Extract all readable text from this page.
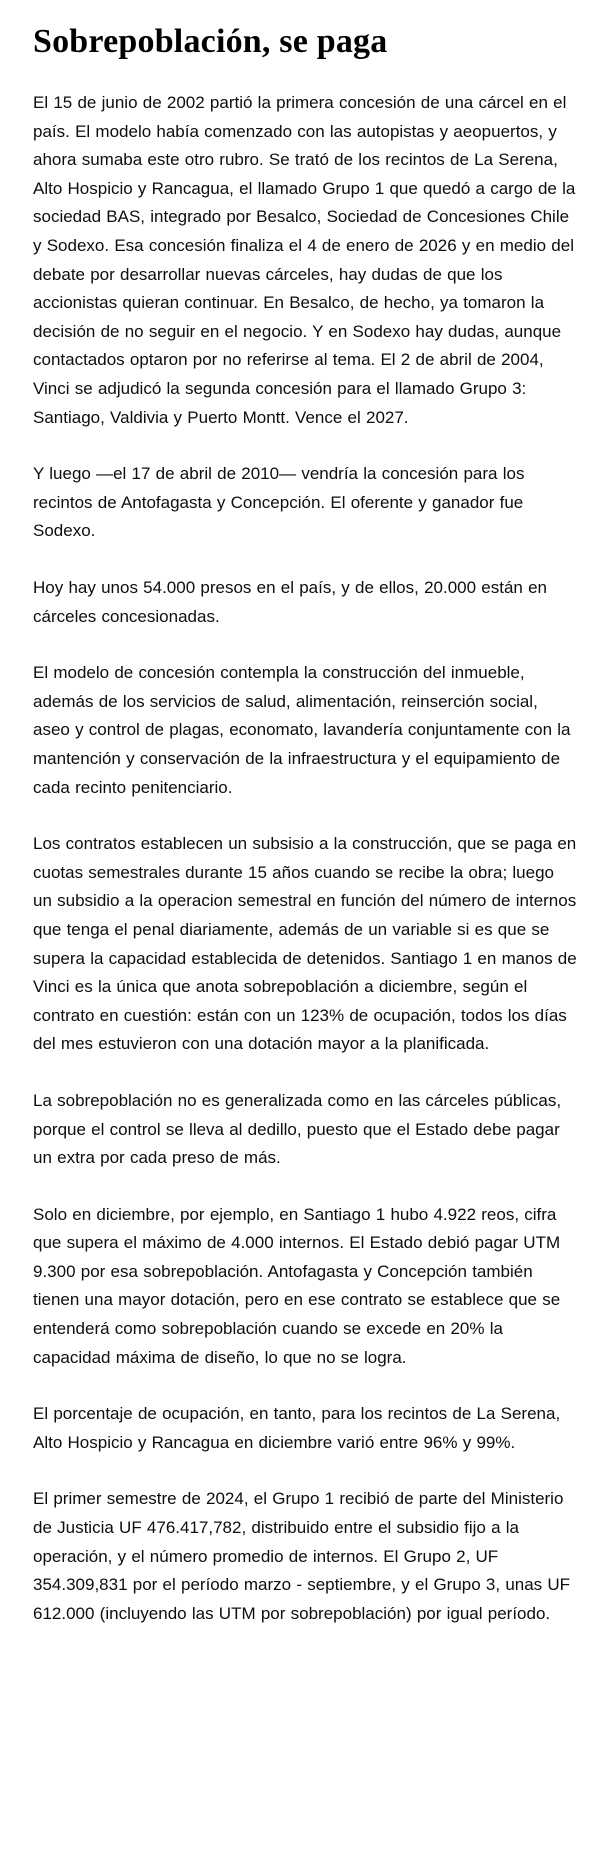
Sobrepoblación, se paga

El 15 de junio de 2002 partió la primera concesión de una cárcel en el país. El modelo había comenzado con las autopistas y aeopuertos, y ahora sumaba este otro rubro. Se trató de los recintos de La Serena, Alto Hospicio y Rancagua, el llamado Grupo 1 que quedó a cargo de la sociedad BAS, integrado por Besalco, Sociedad de Concesiones Chile y Sodexo. Esa concesión finaliza el 4 de enero de 2026 y en medio del debate por desarrollar nuevas cárceles, hay dudas de que los accionistas quieran continuar. En Besalco, de hecho, ya tomaron la decisión de no seguir en el negocio. Y en Sodexo hay dudas, aunque contactados optaron por no referirse al tema. El 2 de abril de 2004, Vinci se adjudicó la segunda concesión para el llamado Grupo 3: Santiago, Valdivia y Puerto Montt. Vence el 2027.

Y luego —el 17 de abril de 2010— vendría la concesión para los recintos de Antofagasta y Concepción. El oferente y ganador fue Sodexo.

Hoy hay unos 54.000 presos en el país, y de ellos, 20.000 están en cárceles concesionadas.

El modelo de concesión contempla la construcción del inmueble, además de los servicios de salud, alimentación, reinserción social, aseo y control de plagas, economato, lavandería conjuntamente con la mantención y conservación de la infraestructura y el equipamiento de cada recinto penitenciario.

Los contratos establecen un subsisio a la construcción, que se paga en cuotas semestrales durante 15 años cuando se recibe la obra; luego un subsidio a la operacion semestral en función del número de internos que tenga el penal diariamente, además de un variable si es que se supera la capacidad establecida de detenidos. Santiago 1 en manos de Vinci es la única que anota sobrepoblación a diciembre, según el contrato en cuestión: están con un 123% de ocupación, todos los días del mes estuvieron con una dotación mayor a la planificada.

La sobrepoblación no es generalizada como en las cárceles públicas, porque el control se lleva al dedillo, puesto que el Estado debe pagar un extra por cada preso de más.

Solo en diciembre, por ejemplo, en Santiago 1 hubo 4.922 reos, cifra que supera el máximo de 4.000 internos. El Estado debió pagar UTM 9.300 por esa sobrepoblación. Antofagasta y Concepción también tienen una mayor dotación, pero en ese contrato se establece que se entenderá como sobrepoblación cuando se excede en 20% la capacidad máxima de diseño, lo que no se logra.

El porcentaje de ocupación, en tanto, para los recintos de La Serena, Alto Hospicio y Rancagua en diciembre varió entre 96% y 99%.

El primer semestre de 2024, el Grupo 1 recibió de parte del Ministerio de Justicia UF 476.417,782, distribuido entre el subsidio fijo a la operación, y el número promedio de internos. El Grupo 2, UF 354.309,831 por el período marzo - septiembre, y el Grupo 3, unas UF 612.000 (incluyendo las UTM por sobrepoblación) por igual período.
